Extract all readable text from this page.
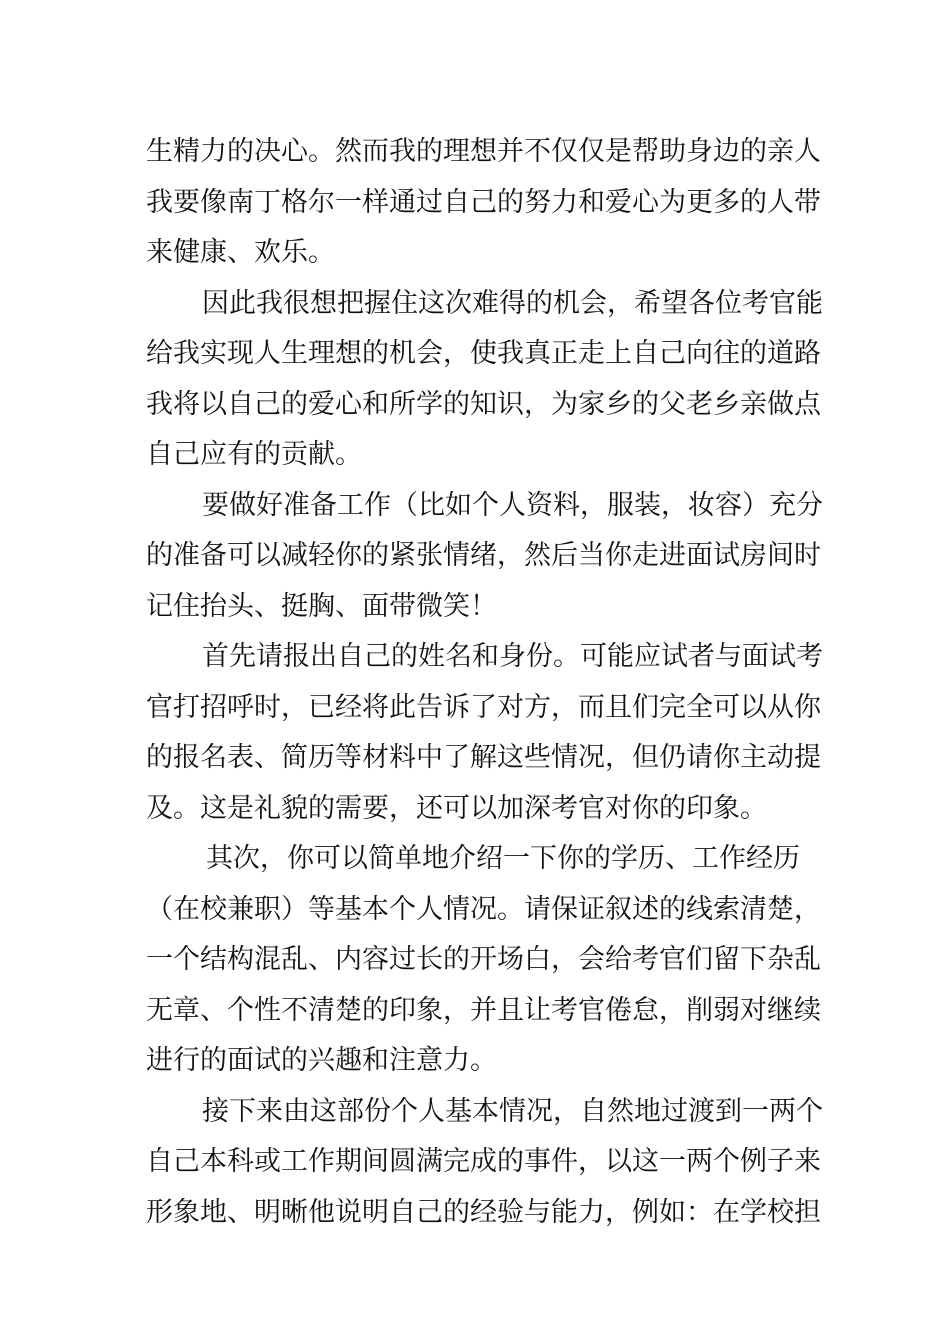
生精力的决心。然而我的理想并不仅仅是帮助身边的亲人
我要像南丁格尔一样通过自己的努力和爱心为更多的人带
来健康、欢乐。
因此我很想把握住这次难得的机会，希望各位考官能
给我实现人生理想的机会，使我真正走上自己向往的道路
我将以自己的爱心和所学的知识，为家乡的父老乡亲做点
自己应有的贡献。
要做好准备工作（比如个人资料，服装，妆容）充分
的准备可以减轻你的紧张情绪，然后当你走进面试房间时
记住抬头、挺胸、面带微笑！
首先请报出自己的姓名和身份。可能应试者与面试考
官打招呼时，已经将此告诉了对方，而且们完全可以从你
的报名表、简历等材料中了解这些情况，但仍请你主动提
及。这是礼貌的需要，还可以加深考官对你的印象。
其次，你可以简单地介绍一下你的学历、工作经历
（在校兼职）等基本个人情况。请保证叙述的线索清楚，
一个结构混乱、内容过长的开场白，会给考官们留下杂乱
无章、个性不清楚的印象，并且让考官倦怠，削弱对继续
进行的面试的兴趣和注意力。
接下来由这部份个人基本情况，自然地过渡到一两个
自己本科或工作期间圆满完成的事件，以这一两个例子来
形象地、明晰他说明自己的经验与能力，例如：在学校担
